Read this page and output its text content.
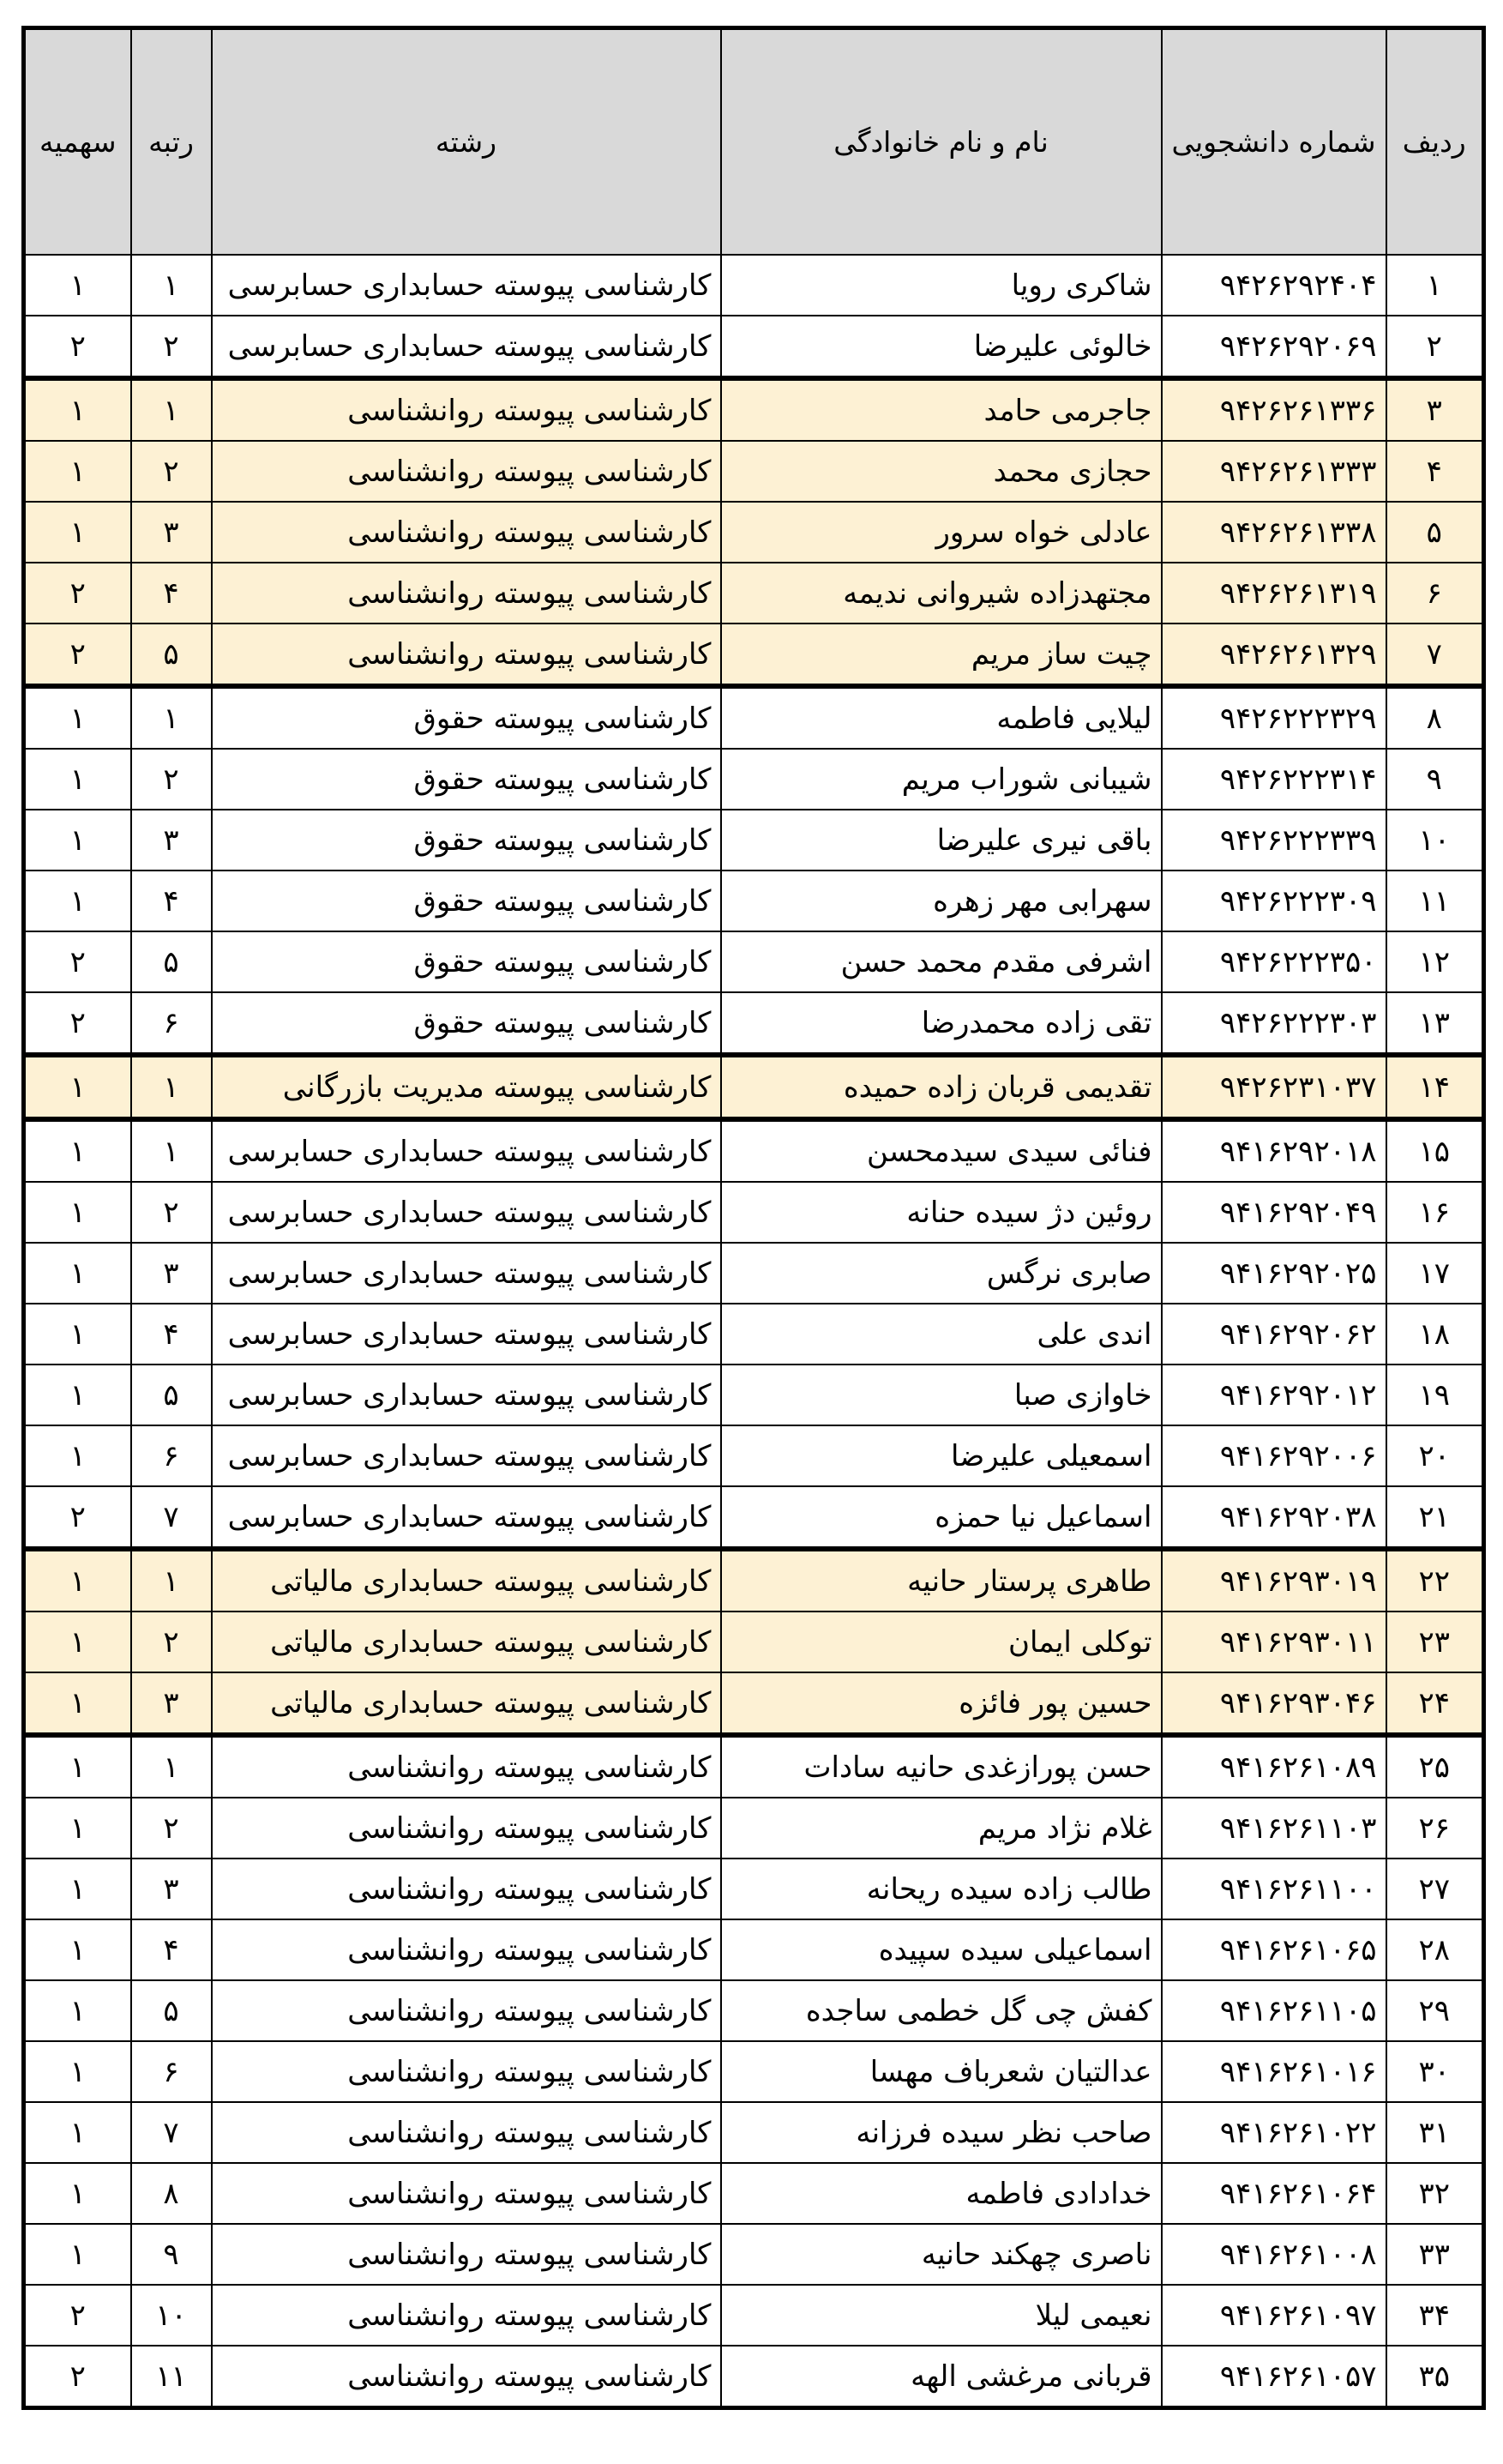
ردیف	شماره دانشجویی	نام و نام خانوادگی	رشته	رتبه	سهمیه
۱	۹۴۲۶۲۹۲۴۰۴	شاکری رویا	کارشناسی پیوسته حسابداری حسابرسی	۱	۱
۲	۹۴۲۶۲۹۲۰۶۹	خالوئی علیرضا	کارشناسی پیوسته حسابداری حسابرسی	۲	۲
۳	۹۴۲۶۲۶۱۳۳۶	جاجرمی حامد	کارشناسی پیوسته روانشناسی	۱	۱
۴	۹۴۲۶۲۶۱۳۳۳	حجازی محمد	کارشناسی پیوسته روانشناسی	۲	۱
۵	۹۴۲۶۲۶۱۳۳۸	عادلی خواه سرور	کارشناسی پیوسته روانشناسی	۳	۱
۶	۹۴۲۶۲۶۱۳۱۹	مجتهدزاده شیروانی ندیمه	کارشناسی پیوسته روانشناسی	۴	۲
۷	۹۴۲۶۲۶۱۳۲۹	چیت ساز مریم	کارشناسی پیوسته روانشناسی	۵	۲
۸	۹۴۲۶۲۲۲۳۲۹	لیلایی فاطمه	کارشناسی پیوسته حقوق	۱	۱
۹	۹۴۲۶۲۲۲۳۱۴	شیبانی شوراب مریم	کارشناسی پیوسته حقوق	۲	۱
۱۰	۹۴۲۶۲۲۲۳۳۹	باقی نیری علیرضا	کارشناسی پیوسته حقوق	۳	۱
۱۱	۹۴۲۶۲۲۲۳۰۹	سهرابی مهر زهره	کارشناسی پیوسته حقوق	۴	۱
۱۲	۹۴۲۶۲۲۲۳۵۰	اشرفی مقدم محمد حسن	کارشناسی پیوسته حقوق	۵	۲
۱۳	۹۴۲۶۲۲۲۳۰۳	تقی زاده محمدرضا	کارشناسی پیوسته حقوق	۶	۲
۱۴	۹۴۲۶۲۳۱۰۳۷	تقدیمی قربان زاده حمیده	کارشناسی پیوسته مدیریت بازرگانی	۱	۱
۱۵	۹۴۱۶۲۹۲۰۱۸	فنائی سیدی سیدمحسن	کارشناسی پیوسته حسابداری حسابرسی	۱	۱
۱۶	۹۴۱۶۲۹۲۰۴۹	روئین دژ سیده حنانه	کارشناسی پیوسته حسابداری حسابرسی	۲	۱
۱۷	۹۴۱۶۲۹۲۰۲۵	صابری نرگس	کارشناسی پیوسته حسابداری حسابرسی	۳	۱
۱۸	۹۴۱۶۲۹۲۰۶۲	اندی علی	کارشناسی پیوسته حسابداری حسابرسی	۴	۱
۱۹	۹۴۱۶۲۹۲۰۱۲	خاوازی صبا	کارشناسی پیوسته حسابداری حسابرسی	۵	۱
۲۰	۹۴۱۶۲۹۲۰۰۶	اسمعیلی علیرضا	کارشناسی پیوسته حسابداری حسابرسی	۶	۱
۲۱	۹۴۱۶۲۹۲۰۳۸	اسماعیل نیا حمزه	کارشناسی پیوسته حسابداری حسابرسی	۷	۲
۲۲	۹۴۱۶۲۹۳۰۱۹	طاهری پرستار حانیه	کارشناسی پیوسته حسابداری مالیاتی	۱	۱
۲۳	۹۴۱۶۲۹۳۰۱۱	توکلی ایمان	کارشناسی پیوسته حسابداری مالیاتی	۲	۱
۲۴	۹۴۱۶۲۹۳۰۴۶	حسین پور فائزه	کارشناسی پیوسته حسابداری مالیاتی	۳	۱
۲۵	۹۴۱۶۲۶۱۰۸۹	حسن پورازغدی حانیه سادات	کارشناسی پیوسته روانشناسی	۱	۱
۲۶	۹۴۱۶۲۶۱۱۰۳	غلام نژاد مریم	کارشناسی پیوسته روانشناسی	۲	۱
۲۷	۹۴۱۶۲۶۱۱۰۰	طالب زاده سیده ریحانه	کارشناسی پیوسته روانشناسی	۳	۱
۲۸	۹۴۱۶۲۶۱۰۶۵	اسماعیلی سیده سپیده	کارشناسی پیوسته روانشناسی	۴	۱
۲۹	۹۴۱۶۲۶۱۱۰۵	کفش چی گل خطمی ساجده	کارشناسی پیوسته روانشناسی	۵	۱
۳۰	۹۴۱۶۲۶۱۰۱۶	عدالتیان شعرباف مهسا	کارشناسی پیوسته روانشناسی	۶	۱
۳۱	۹۴۱۶۲۶۱۰۲۲	صاحب نظر سیده فرزانه	کارشناسی پیوسته روانشناسی	۷	۱
۳۲	۹۴۱۶۲۶۱۰۶۴	خدادادی فاطمه	کارشناسی پیوسته روانشناسی	۸	۱
۳۳	۹۴۱۶۲۶۱۰۰۸	ناصری چهکند حانیه	کارشناسی پیوسته روانشناسی	۹	۱
۳۴	۹۴۱۶۲۶۱۰۹۷	نعیمی لیلا	کارشناسی پیوسته روانشناسی	۱۰	۲
۳۵	۹۴۱۶۲۶۱۰۵۷	قربانی مرغشی الهه	کارشناسی پیوسته روانشناسی	۱۱	۲
